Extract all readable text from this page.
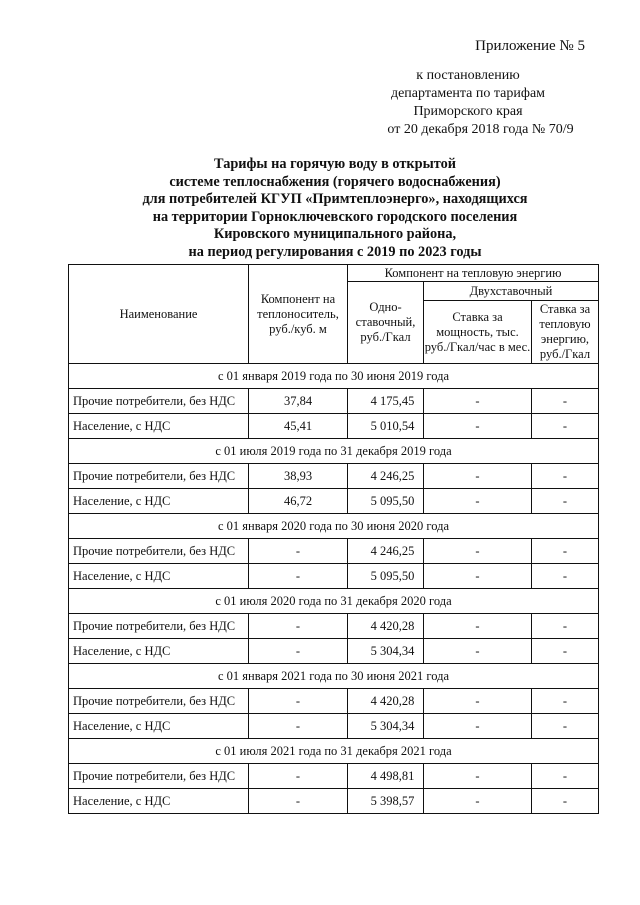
Приложение № 5
к постановлению
департамента по тарифам
Приморского края
от 20 декабря 2018 года № 70/9
Тарифы на горячую воду в открытой
системе теплоснабжения (горячего водоснабжения)
для потребителей КГУП «Примтеплоэнерго», находящихся
на территории Горноключевского городского поселения
Кировского муниципального района,
на период регулирования с 2019 по 2023 годы
Наименование	Компонент на теплоноситель, руб./куб. м	Компонент на тепловую энергию		
		Одно-ставочный, руб./Гкал	Двухставочный	
			Ставка за мощность, тыс. руб./Гкал/час в мес.	Ставка за тепловую энергию, руб./Гкал
с 01 января 2019 года по 30 июня 2019 года				
Прочие потребители, без НДС	37,84	4 175,45	-	-
Население, с НДС	45,41	5 010,54	-	-
с 01 июля 2019 года по 31 декабря 2019 года				
Прочие потребители, без НДС	38,93	4 246,25	-	-
Население, с НДС	46,72	5 095,50	-	-
с 01 января 2020 года по 30 июня 2020 года				
Прочие потребители, без НДС	-	4 246,25	-	-
Население, с НДС	-	5 095,50	-	-
с 01 июля 2020 года по 31 декабря 2020 года				
Прочие потребители, без НДС	-	4 420,28	-	-
Население, с НДС	-	5 304,34	-	-
с 01 января 2021 года по 30 июня 2021 года				
Прочие потребители, без НДС	-	4 420,28	-	-
Население, с НДС	-	5 304,34	-	-
с 01 июля 2021 года по 31 декабря 2021 года				
Прочие потребители, без НДС	-	4 498,81	-	-
Население, с НДС	-	5 398,57	-	-
